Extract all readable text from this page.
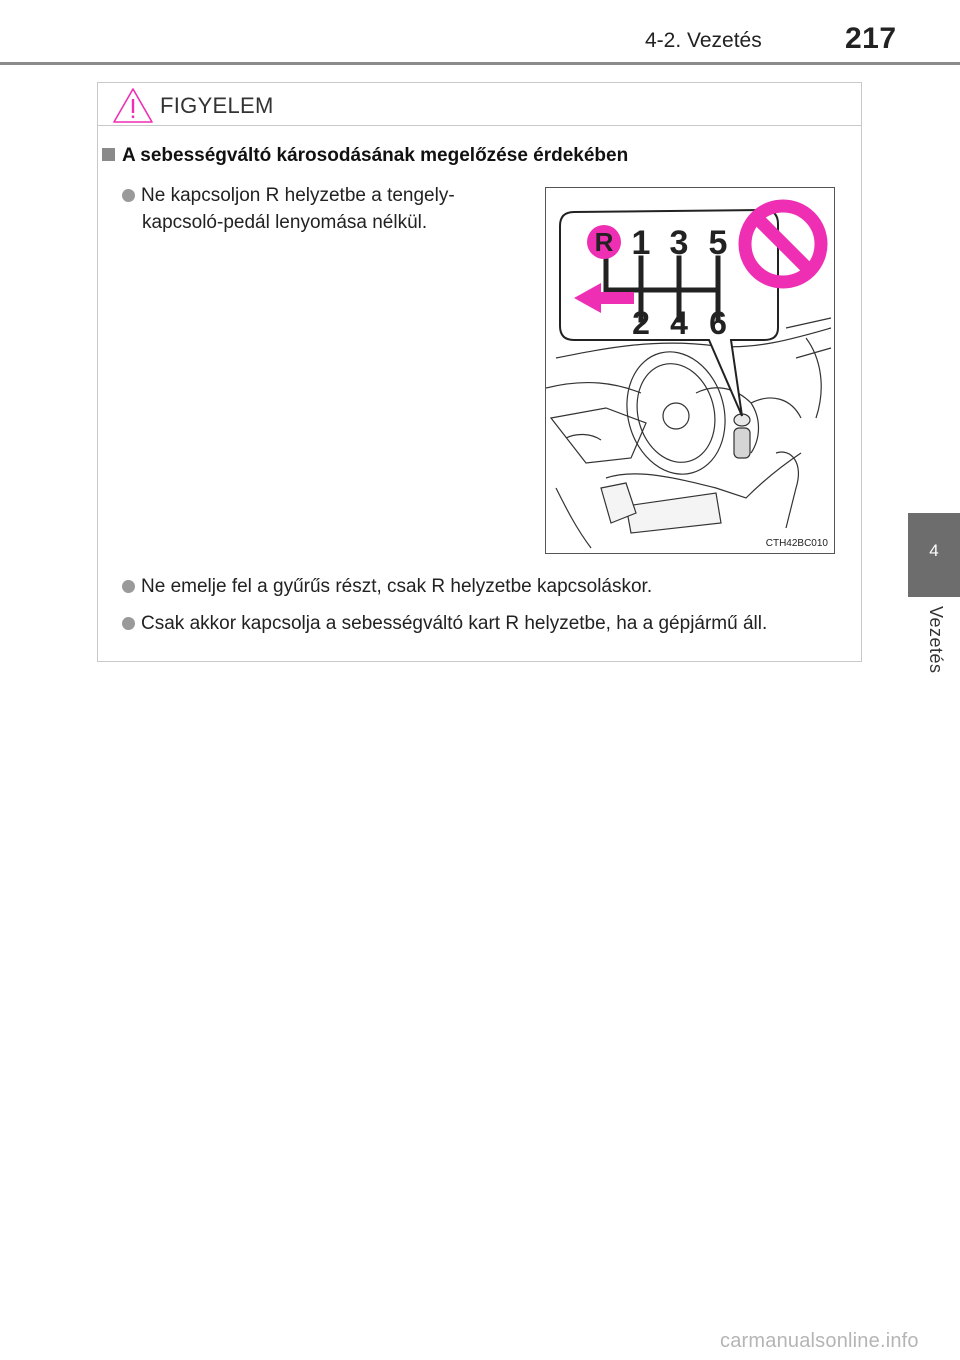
4-2. Vezetés	217
4
Vezetés
FIGYELEM
A sebességváltó károsodásának megelőzése érdekében
Ne kapcsoljon R helyzetbe a tengely-
kapcsoló-pedál lenyomása nélkül.
R 1 3 5
2 4 6
CTH42BC010
Ne emelje fel a gyűrűs részt, csak R helyzetbe kapcsoláskor.
Csak akkor kapcsolja a sebességváltó kart R helyzetbe, ha a gépjármű áll.
carmanualsonline.info
